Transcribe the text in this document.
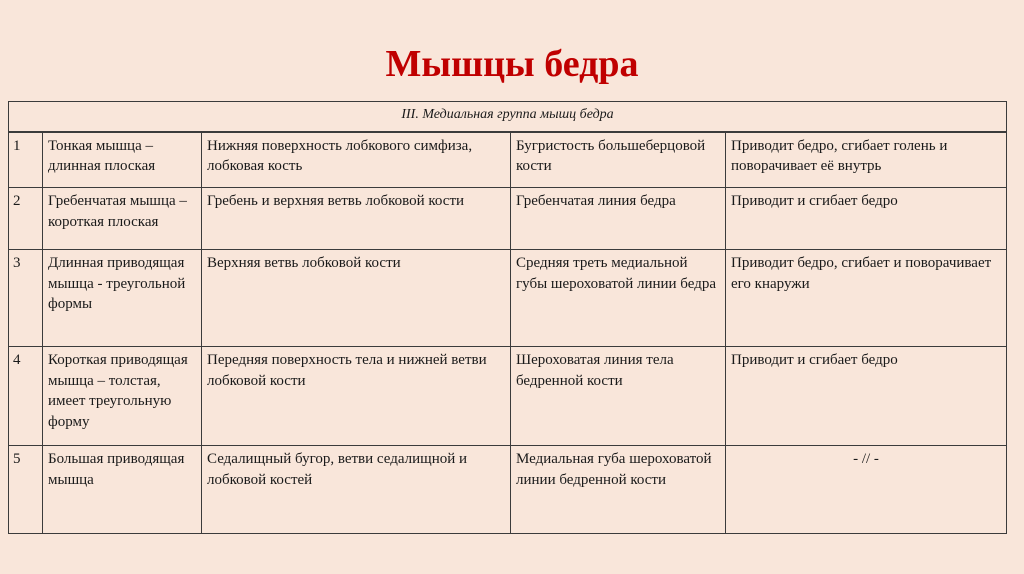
Мышцы бедра
III. Медиальная группа мышц бедра				
1	Тонкая мышца – длинная плоская	Нижняя поверхность лобкового симфиза, лобковая кость	Бугристость большеберцовой кости	Приводит бедро, сгибает голень и поворачивает её внутрь
2	Гребенчатая мышца – короткая плоская	Гребень и верхняя ветвь лобковой кости	Гребенчатая линия бедра	Приводит и сгибает бедро
3	Длинная приводящая мышца - треугольной формы	Верхняя ветвь лобковой кости	Средняя треть медиальной губы шероховатой линии бедра	Приводит бедро, сгибает и поворачивает его кнаружи
4	Короткая приводящая мышца – толстая, имеет треугольную форму	Передняя поверхность тела и нижней ветви лобковой кости	Шероховатая линия тела бедренной кости	Приводит и сгибает бедро
5	Большая приводящая мышца	Седалищный бугор, ветви седалищной и лобковой костей	Медиальная губа шероховатой линии бедренной кости	- // -
